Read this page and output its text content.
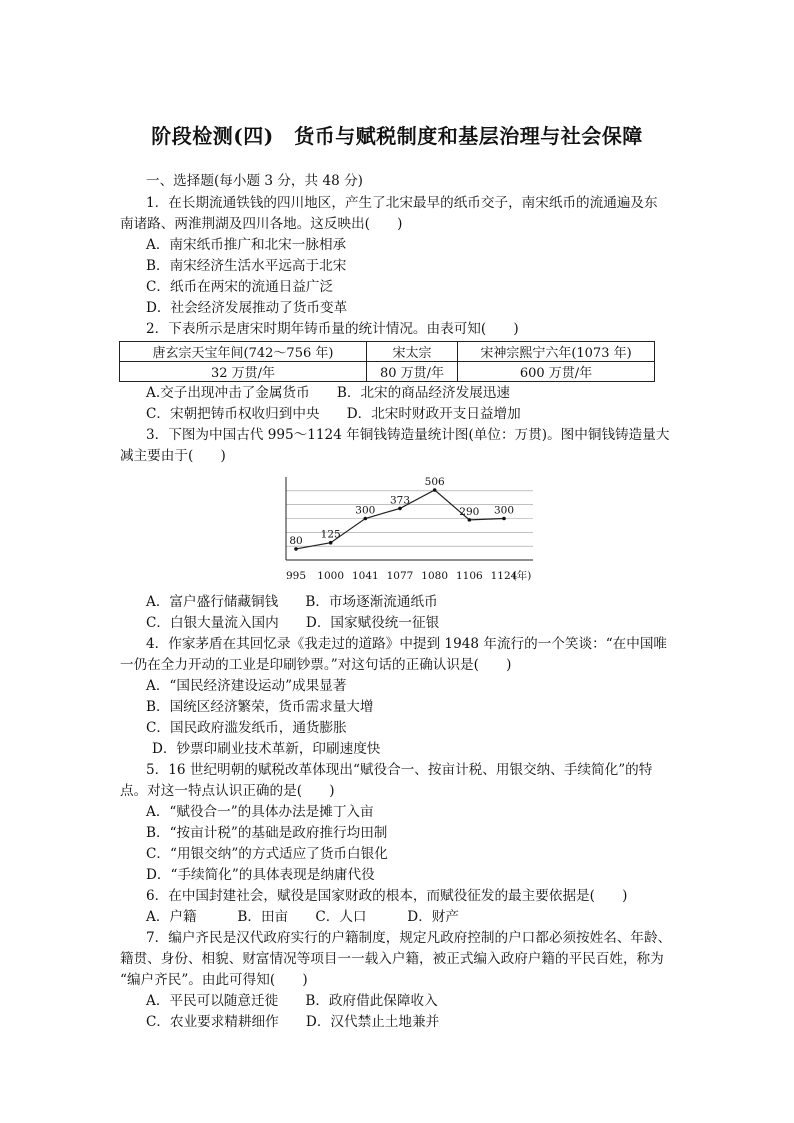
阶段检测(四)　货币与赋税制度和基层治理与社会保障
一、选择题(每小题 3 分，共 48 分)
1．在长期流通铁钱的四川地区，产生了北宋最早的纸币交子，南宋纸币的流通遍及东
南诸路、两淮荆湖及四川各地。这反映出(　　)
A．南宋纸币推广和北宋一脉相承
B．南宋经济生活水平远高于北宋
C．纸币在两宋的流通日益广泛
D．社会经济发展推动了货币变革
2．下表所示是唐宋时期年铸币量的统计情况。由表可知(　　)
唐玄宗天宝年间(742～756 年)	宋太宗	宋神宗熙宁六年(1073 年)
32 万贯/年	80 万贯/年	600 万贯/年
A.交子出现冲击了金属货币　　B．北宋的商品经济发展迅速
C．宋朝把铸币权收归到中央　　D．北宋时财政开支日益增加
3．下图为中国古代 995～1124 年铜钱铸造量统计图(单位：万贯)。图中铜钱铸造量大
减主要由于(　　)
80
125
300
373
506
290 300
995 1000 1041 1077 1080 1106 1124
(年)
A．富户盛行储藏铜钱　　B．市场逐渐流通纸币
C．白银大量流入国内　　D．国家赋役统一征银
4．作家茅盾在其回忆录《我走过的道路》中提到 1948 年流行的一个笑谈：“在中国唯
一仍在全力开动的工业是印刷钞票。”对这句话的正确认识是(　　)
A．“国民经济建设运动”成果显著
B．国统区经济繁荣，货币需求量大增
C．国民政府滥发纸币，通货膨胀
D．钞票印刷业技术革新，印刷速度快
5．16 世纪明朝的赋税改革体现出“赋役合一、按亩计税、用银交纳、手续简化”的特
点。对这一特点认识正确的是(　　)
A．“赋役合一”的具体办法是摊丁入亩
B．“按亩计税”的基础是政府推行均田制
C．“用银交纳”的方式适应了货币白银化
D．“手续简化”的具体表现是纳庸代役
6．在中国封建社会，赋役是国家财政的根本，而赋役征发的最主要依据是(　　)
A．户籍　　　B．田亩　　C．人口　　　D．财产
7．编户齐民是汉代政府实行的户籍制度，规定凡政府控制的户口都必须按姓名、年龄、
籍贯、身份、相貌、财富情况等项目一一载入户籍，被正式编入政府户籍的平民百姓，称为
“编户齐民”。由此可得知(　　)
A．平民可以随意迁徙　　B．政府借此保障收入
C．农业要求精耕细作　　D．汉代禁止土地兼并
